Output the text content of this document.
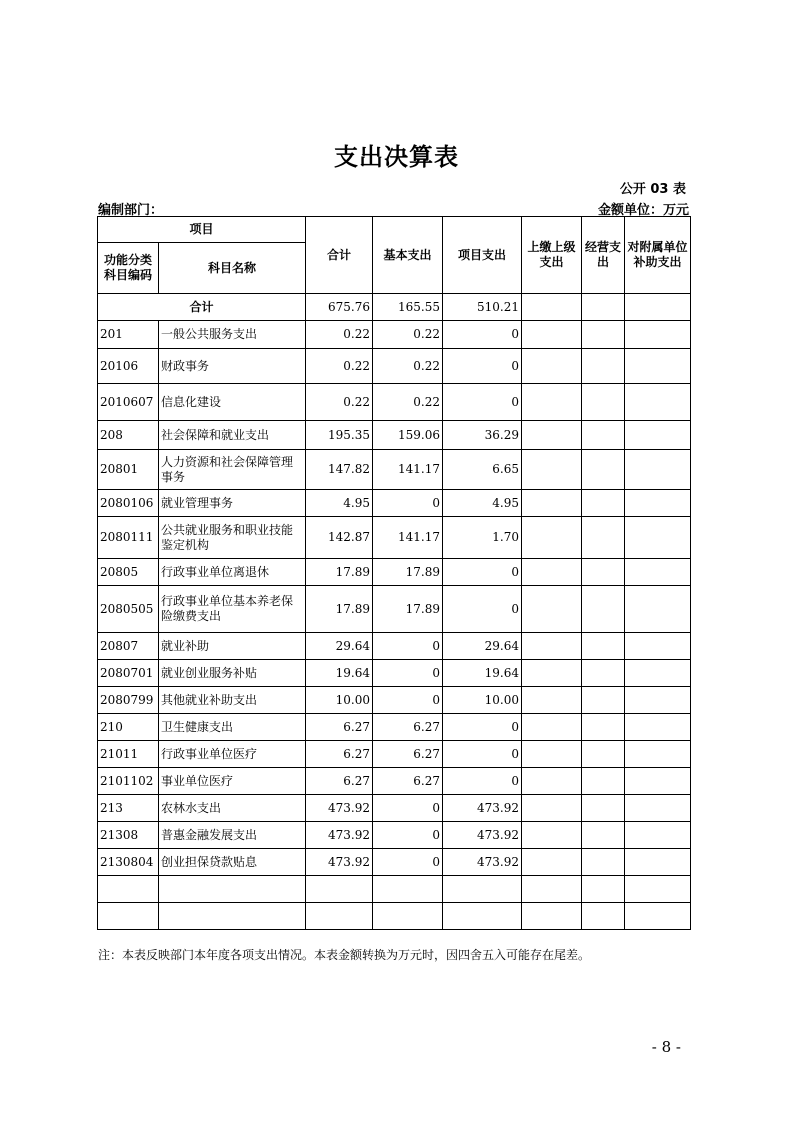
支出决算表
公开 03 表
编制部门：	金额单位：万元
项目		合计	基本支出	项目支出	上缴上级支出	经营支出	对附属单位补助支出
功能分类科目编码	科目名称						
合计		675.76	165.55	510.21			
201	一般公共服务支出	0.22	0.22	0			
20106	财政事务	0.22	0.22	0			
2010607	信息化建设	0.22	0.22	0			
208	社会保障和就业支出	195.35	159.06	36.29			
20801	人力资源和社会保障管理事务	147.82	141.17	6.65			
2080106	就业管理事务	4.95	0	4.95			
2080111	公共就业服务和职业技能鉴定机构	142.87	141.17	1.70			
20805	行政事业单位离退休	17.89	17.89	0			
2080505	行政事业单位基本养老保险缴费支出	17.89	17.89	0			
20807	就业补助	29.64	0	29.64			
2080701	就业创业服务补贴	19.64	0	19.64			
2080799	其他就业补助支出	10.00	0	10.00			
210	卫生健康支出	6.27	6.27	0			
21011	行政事业单位医疗	6.27	6.27	0			
2101102	事业单位医疗	6.27	6.27	0			
213	农林水支出	473.92	0	473.92			
21308	普惠金融发展支出	473.92	0	473.92			
2130804	创业担保贷款贴息	473.92	0	473.92			

注：本表反映部门本年度各项支出情况。本表金额转换为万元时，因四舍五入可能存在尾差。
- 8 -
